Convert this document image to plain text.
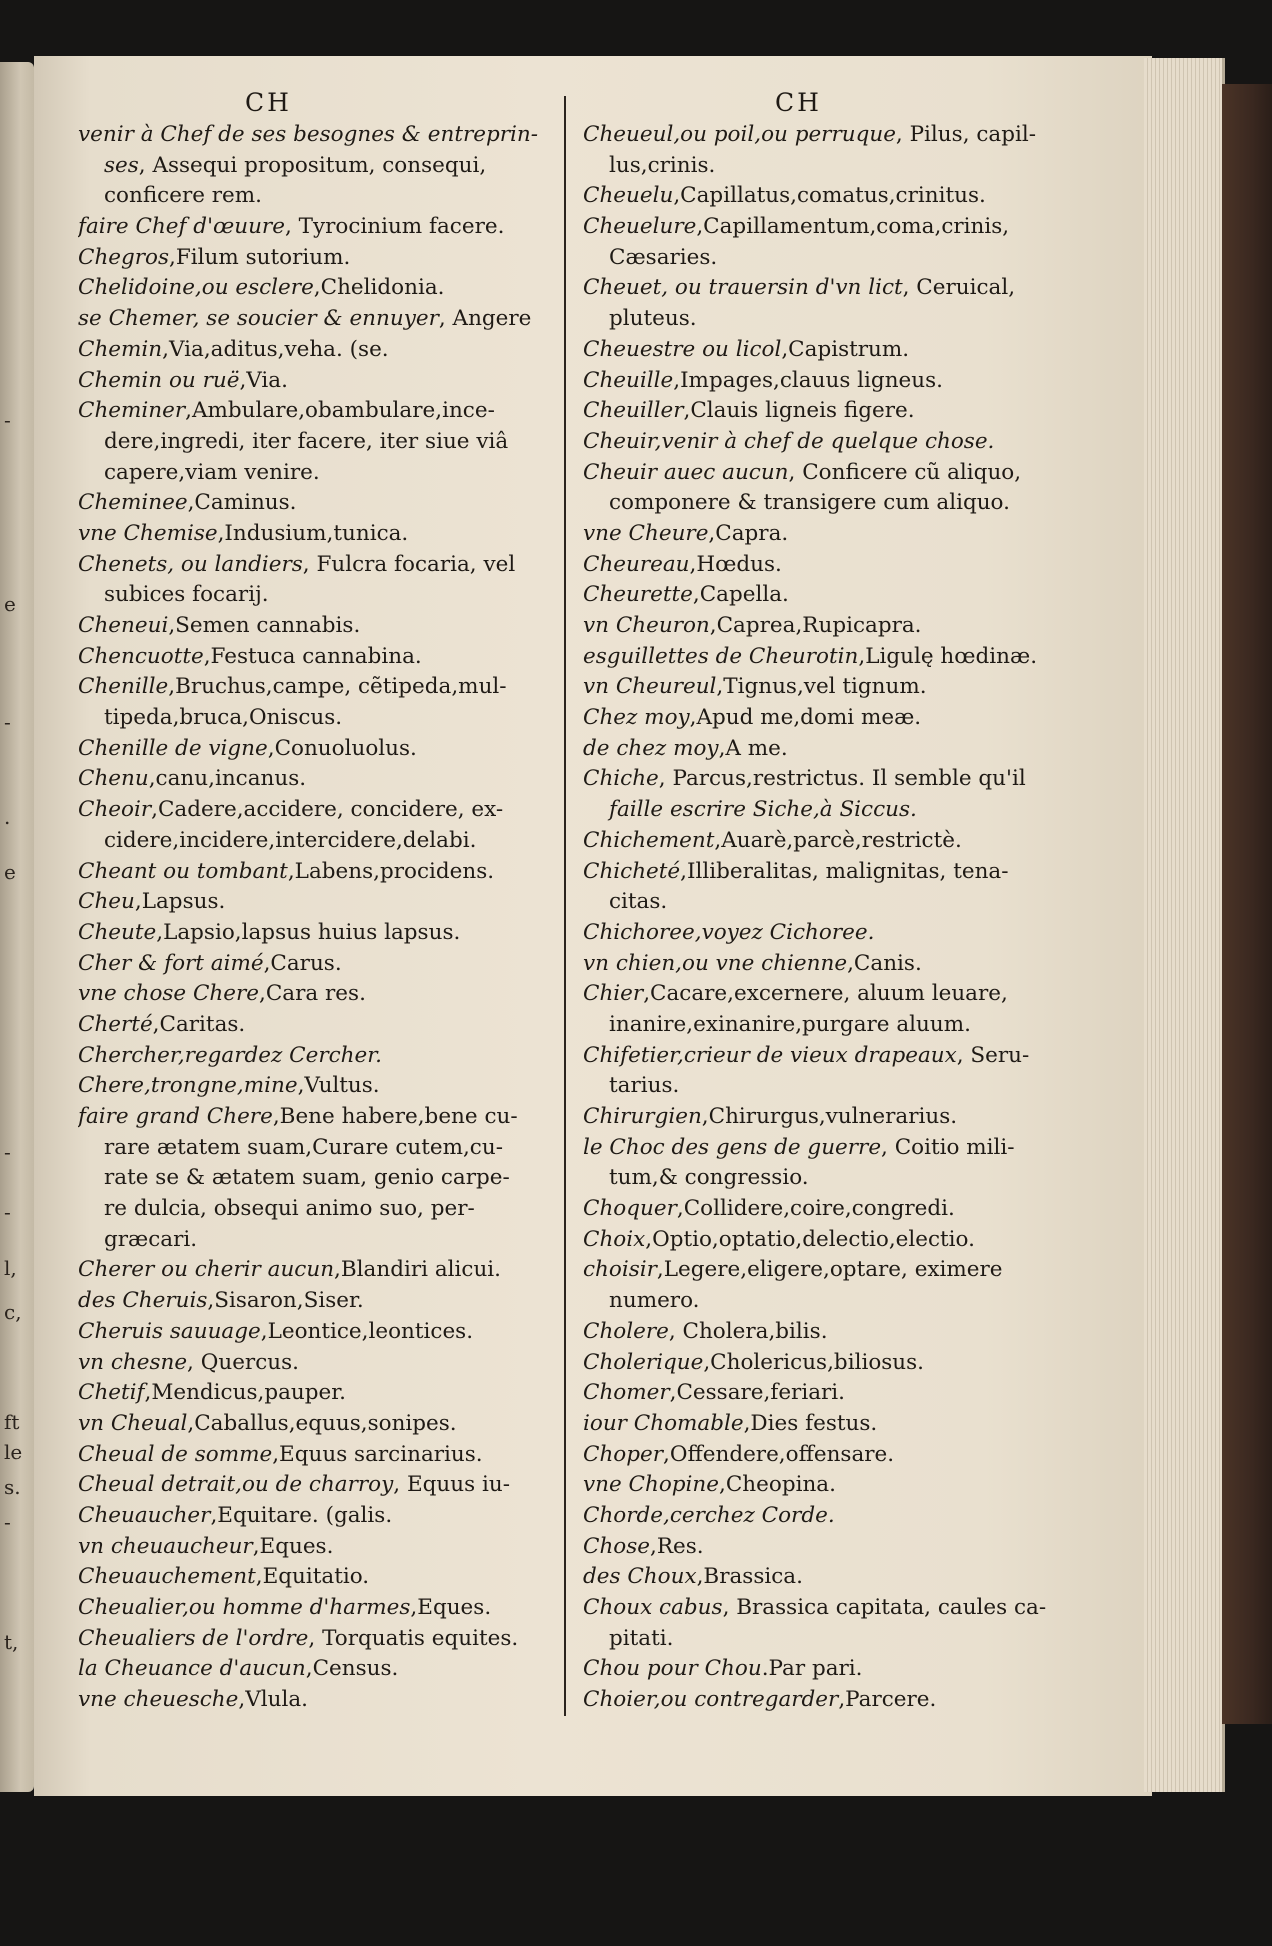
-
e
-
.
e
-
-
l,
c,
ft
le
s.
-
t,
CH	CH
venir à Chef de ses besognes & entreprin-
ses, Assequi propositum, consequi,
conficere rem.
faire Chef d'œuure, Tyrocinium facere.
Chegros,Filum sutorium.
Chelidoine,ou esclere,Chelidonia.
se Chemer, se soucier & ennuyer, Angere
Chemin,Via,aditus,veha. (se.
Chemin ou ruë,Via.
Cheminer,Ambulare,obambulare,ince-
dere,ingredi, iter facere, iter siue viâ
capere,viam venire.
Cheminee,Caminus.
vne Chemise,Indusium,tunica.
Chenets, ou landiers, Fulcra focaria, vel
subices focarij.
Cheneui,Semen cannabis.
Chencuotte,Festuca cannabina.
Chenille,Bruchus,campe, cẽtipeda,mul-
tipeda,bruca,Oniscus.
Chenille de vigne,Conuoluolus.
Chenu,canu,incanus.
Cheoir,Cadere,accidere, concidere, ex-
cidere,incidere,intercidere,delabi.
Cheant ou tombant,Labens,procidens.
Cheu,Lapsus.
Cheute,Lapsio,lapsus huius lapsus.
Cher & fort aimé,Carus.
vne chose Chere,Cara res.
Cherté,Caritas.
Chercher,regardez Cercher.
Chere,trongne,mine,Vultus.
faire grand Chere,Bene habere,bene cu-
rare ætatem suam,Curare cutem,cu-
rate se & ætatem suam, genio carpe-
re dulcia, obsequi animo suo, per-
græcari.
Cherer ou cherir aucun,Blandiri alicui.
des Cheruis,Sisaron,Siser.
Cheruis sauuage,Leontice,leontices.
vn chesne, Quercus.
Chetif,Mendicus,pauper.
vn Cheual,Caballus,equus,sonipes.
Cheual de somme,Equus sarcinarius.
Cheual detrait,ou de charroy, Equus iu-
Cheuaucher,Equitare. (galis.
vn cheuaucheur,Eques.
Cheuauchement,Equitatio.
Cheualier,ou homme d'harmes,Eques.
Cheualiers de l'ordre, Torquatis equites.
la Cheuance d'aucun,Census.
vne cheuesche,Vlula.
Cheueul,ou poil,ou perruque, Pilus, capil-
lus,crinis.
Cheuelu,Capillatus,comatus,crinitus.
Cheuelure,Capillamentum,coma,crinis,
Cæsaries.
Cheuet, ou trauersin d'vn lict, Ceruical,
pluteus.
Cheuestre ou licol,Capistrum.
Cheuille,Impages,clauus ligneus.
Cheuiller,Clauis ligneis figere.
Cheuir,venir à chef de quelque chose.
Cheuir auec aucun, Conficere cũ aliquo,
componere & transigere cum aliquo.
vne Cheure,Capra.
Cheureau,Hœdus.
Cheurette,Capella.
vn Cheuron,Caprea,Rupicapra.
esguillettes de Cheurotin,Ligulę hœdinæ.
vn Cheureul,Tignus,vel tignum.
Chez moy,Apud me,domi meæ.
de chez moy,A me.
Chiche, Parcus,restrictus. Il semble qu'il
faille escrire Siche,à Siccus.
Chichement,Auarè,parcè,restrictè.
Chicheté,Illiberalitas, malignitas, tena-
citas.
Chichoree,voyez Cichoree.
vn chien,ou vne chienne,Canis.
Chier,Cacare,excernere, aluum leuare,
inanire,exinanire,purgare aluum.
Chifetier,crieur de vieux drapeaux, Seru-
tarius.
Chirurgien,Chirurgus,vulnerarius.
le Choc des gens de guerre, Coitio mili-
tum,& congressio.
Choquer,Collidere,coire,congredi.
Choix,Optio,optatio,delectio,electio.
choisir,Legere,eligere,optare, eximere
numero.
Cholere, Cholera,bilis.
Cholerique,Cholericus,biliosus.
Chomer,Cessare,feriari.
iour Chomable,Dies festus.
Choper,Offendere,offensare.
vne Chopine,Cheopina.
Chorde,cerchez Corde.
Chose,Res.
des Choux,Brassica.
Choux cabus, Brassica capitata, caules ca-
pitati.
Chou pour Chou.Par pari.
Choier,ou contregarder,Parcere.
